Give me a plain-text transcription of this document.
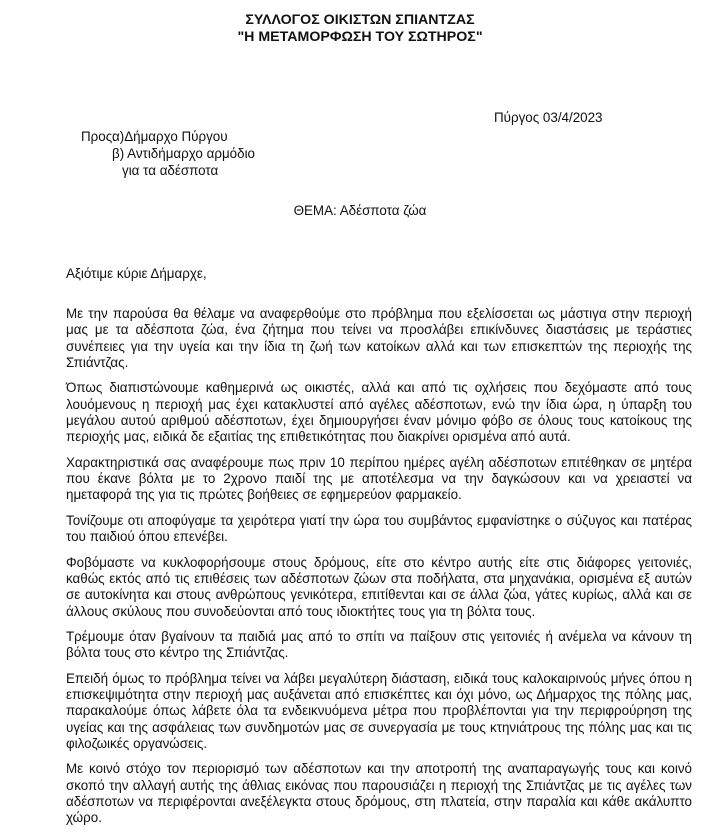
ΣΥΛΛΟΓΟΣ ΟΙΚΙΣΤΩΝ ΣΠΙΑΝΤΖΑΣ
"Η ΜΕΤΑΜΟΡΦΩΣΗ ΤΟΥ ΣΩΤΗΡΟΣ"
Πύργος 03/4/2023
Προς:
α)Δήμαρχο Πύργου
β) Αντιδήμαρχο αρμόδιο
για τα αδέσποτα
ΘΕΜΑ: Αδέσποτα ζώα
Αξιότιμε κύριε Δήμαρχε,

Με την παρούσα θα θέλαμε να αναφερθούμε στο πρόβλημα που εξελίσσεται ως μάστιγα στην περιοχή μας με τα αδέσποτα ζώα, ένα ζήτημα που τείνει να προσλάβει επικίνδυνες διαστάσεις με τεράστιες συνέπειες για την υγεία και την ίδια τη ζωή των κατοίκων αλλά και των επισκεπτών της περιοχής της Σπιάντζας.

Όπως διαπιστώνουμε καθημερινά ως οικιστές, αλλά και από τις οχλήσεις που δεχόμαστε από τους λουόμενους η περιοχή μας έχει κατακλυστεί από αγέλες αδέσποτων, ενώ την ίδια ώρα, η ύπαρξη του μεγάλου αυτού αριθμού αδέσποτων, έχει δημιουργήσει έναν μόνιμο φόβο σε όλους τους κατοίκους της περιοχής μας, ειδικά δε εξαιτίας της επιθετικότητας που διακρίνει ορισμένα από αυτά.

Χαρακτηριστικά σας αναφέρουμε πως πριν 10 περίπου ημέρες αγέλη αδέσποτων επιτέθηκαν σε μητέρα που έκανε βόλτα με το 2χρονο παιδί της με αποτέλεσμα να την δαγκώσουν και να χρειαστεί να ημεταφορά της για τις πρώτες βοήθειες σε εφημερεύον φαρμακείο.

Τονίζουμε οτι αποφύγαμε τα χειρότερα γιατί την ώρα του συμβάντος εμφανίστηκε ο σύζυγος και πατέρας του παιδιού όπου επενέβει.

Φοβόμαστε να κυκλοφορήσουμε στους δρόμους, είτε στο κέντρο αυτής είτε στις διάφορες γειτονιές, καθώς εκτός από τις επιθέσεις των αδέσποτων ζώων στα ποδήλατα, στα μηχανάκια, ορισμένα εξ αυτών σε αυτοκίνητα και στους ανθρώπους γενικότερα, επιτίθενται και σε άλλα ζώα, γάτες κυρίως, αλλά και σε άλλους σκύλους που συνοδεύονται από τους ιδιοκτήτες τους για τη βόλτα τους.

Τρέμουμε όταν βγαίνουν τα παιδιά μας από το σπίτι να παίξουν στις γειτονιές ή ανέμελα να κάνουν τη βόλτα τους στο κέντρο της Σπιάντζας.

Επειδή όμως το πρόβλημα τείνει να λάβει μεγαλύτερη διάσταση, ειδικά τους καλοκαιρινούς μήνες όπου η επισκεψιμότητα στην περιοχή μας αυξάνεται από επισκέπτες και όχι μόνο, ως Δήμαρχος της πόλης μας, παρακαλούμε όπως λάβετε όλα τα ενδεικνυόμενα μέτρα που προβλέπονται για την περιφρούρηση της υγείας και της ασφάλειας των συνδημοτών μας σε συνεργασία με τους κτηνιάτρους της πόλης μας και τις φιλοζωικές οργανώσεις.

Με κοινό στόχο τον περιορισμό των αδέσποτων και την αποτροπή της αναπαραγωγής τους και κοινό σκοπό την αλλαγή αυτής της άθλιας εικόνας που παρουσιάζει η περιοχή της Σπιάντζας με τις αγέλες των αδέσποτων να περιφέρονται ανεξέλεγκτα στους δρόμους, στη πλατεία, στην παραλία και κάθε ακάλυπτο χώρο.
